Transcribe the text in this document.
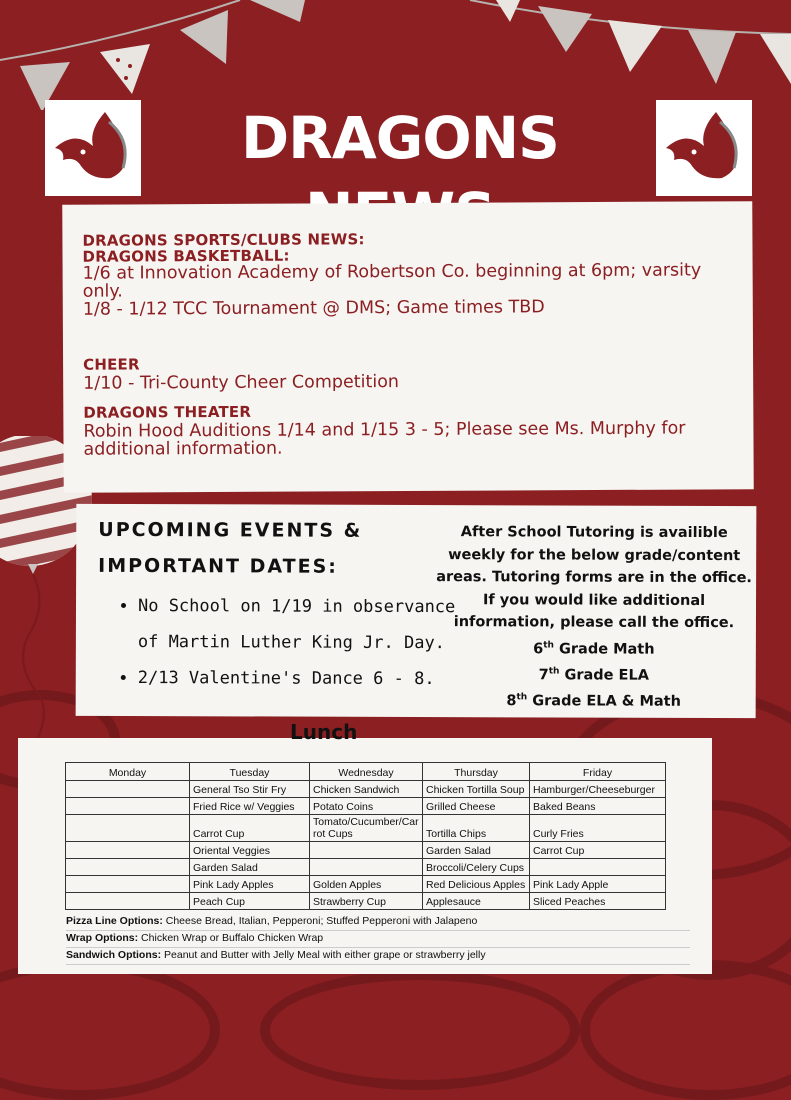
DRAGONS
DRAGONS SPORTS/CLUBS NEWS:
DRAGONS BASKETBALL:
1/6 at Innovation Academy of Robertson Co. beginning at 6pm; varsity only.
1/8 - 1/12 TCC Tournament @ DMS; Game times TBD
CHEER
1/10 - Tri-County Cheer Competition
DRAGONS THEATER
Robin Hood Auditions 1/14 and 1/15 3 - 5; Please see Ms. Murphy for additional information.
UPCOMING EVENTS &
IMPORTANT DATES:
• No School on 1/19 in observance of Martin Luther King Jr. Day.
• 2/13 Valentine's Dance 6 - 8.
After School Tutoring is availible weekly for the below grade/content areas. Tutoring forms are in the office. If you would like additional information, please call the office.
6th Grade Math
7th Grade ELA
8th Grade ELA & Math
Monday	Tuesday	Wednesday	Thursday	Friday
	General Tso Stir Fry	Chicken Sandwich	Chicken Tortilla Soup	Hamburger/Cheeseburger
	Fried Rice w/ Veggies	Potato Coins	Grilled Cheese	Baked Beans
	Carrot Cup	Tomato/Cucumber/Carrot Cups	Tortilla Chips	Curly Fries
	Oriental Veggies		Garden Salad	Carrot Cup
	Garden Salad		Broccoli/Celery Cups	
	Pink Lady Apples	Golden Apples	Red Delicious Apples	Pink Lady Apple
	Peach Cup	Strawberry Cup	Applesauce	Sliced Peaches
Pizza Line Options: Cheese Bread, Italian, Pepperoni; Stuffed Pepperoni with Jalapeno
Wrap Options: Chicken Wrap or Buffalo Chicken Wrap
Sandwich Options: Peanut and Butter with Jelly Meal with either grape or strawberry jelly
Lunch
